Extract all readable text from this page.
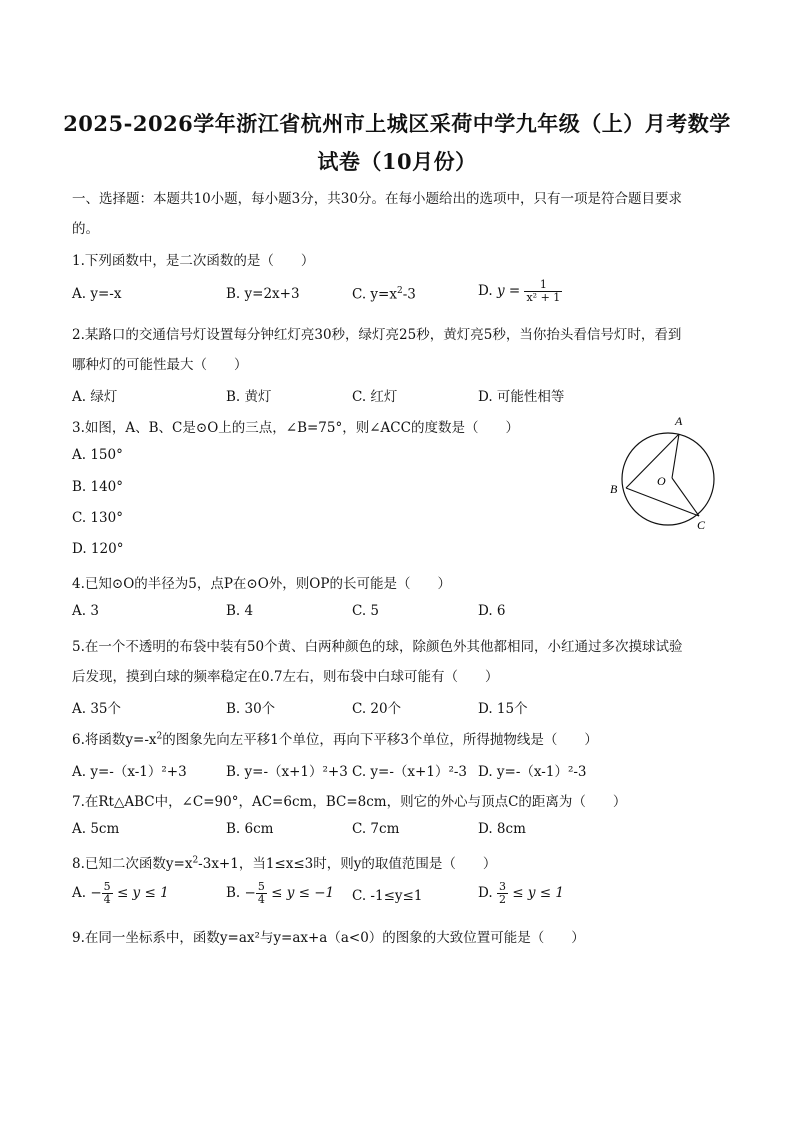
2025-2026学年浙江省杭州市上城区采荷中学九年级（上）月考数学
试卷（10月份）
一、选择题：本题共10小题，每小题3分，共30分。在每小题给出的选项中，只有一项是符合题目要求
的。
1.下列函数中，是二次函数的是（　　）
A. y=-x	B. y=2x+3	C. $y=x^2-3$	D. $y = \frac{1}{\text{x² + 1}}$
2.某路口的交通信号灯设置每分钟红灯亮30秒，绿灯亮25秒，黄灯亮5秒，当你抬头看信号灯时，看到
哪种灯的可能性最大（　　）
A. 绿灯	B. 黄灯	C. 红灯	D. 可能性相等
3.如图，A、B、C是⊙O上的三点，∠B=75°，则∠ACC的度数是（　　）
A. 150°
B. 140°
C. 130°
D. 120°
A
B
C
O
4.已知⊙O的半径为5，点P在⊙O外，则OP的长可能是（　　）
A. 3	B. 4	C. 5	D. 6
5.在一个不透明的布袋中装有50个黄、白两种颜色的球，除颜色外其他都相同，小红通过多次摸球试验
后发现，摸到白球的频率稳定在0.7左右，则布袋中白球可能有（　　）
A. 35个	B. 30个	C. 20个	D. 15个
6.将函数$y=-x^2$的图象先向左平移1个单位，再向下平移3个单位，所得抛物线是（　　）
A. y=-（x-1）²+3	B. y=-（x+1）²+3 C. y=-（x+1）²-3 D. y=-（x-1）²-3
7.在Rt△ABC中，∠C=90°，AC=6cm，BC=8cm，则它的外心与顶点C的距离为（　　）
A. 5cm	B. 6cm	C. 7cm	D. 8cm
8.已知二次函数$y=x^2-3x+1$，当1≤x≤3时，则y的取值范围是（　　）
A. − $\frac{5}{4} \le y \le 1$	B. − $\frac{5}{4} \le y \le -1$ C. -1≤y≤1	D. $\frac{3}{2} \le y \le 1$
9.在同一坐标系中，函数y=ax²与y=ax+a（a<0）的图象的大致位置可能是（　　）
